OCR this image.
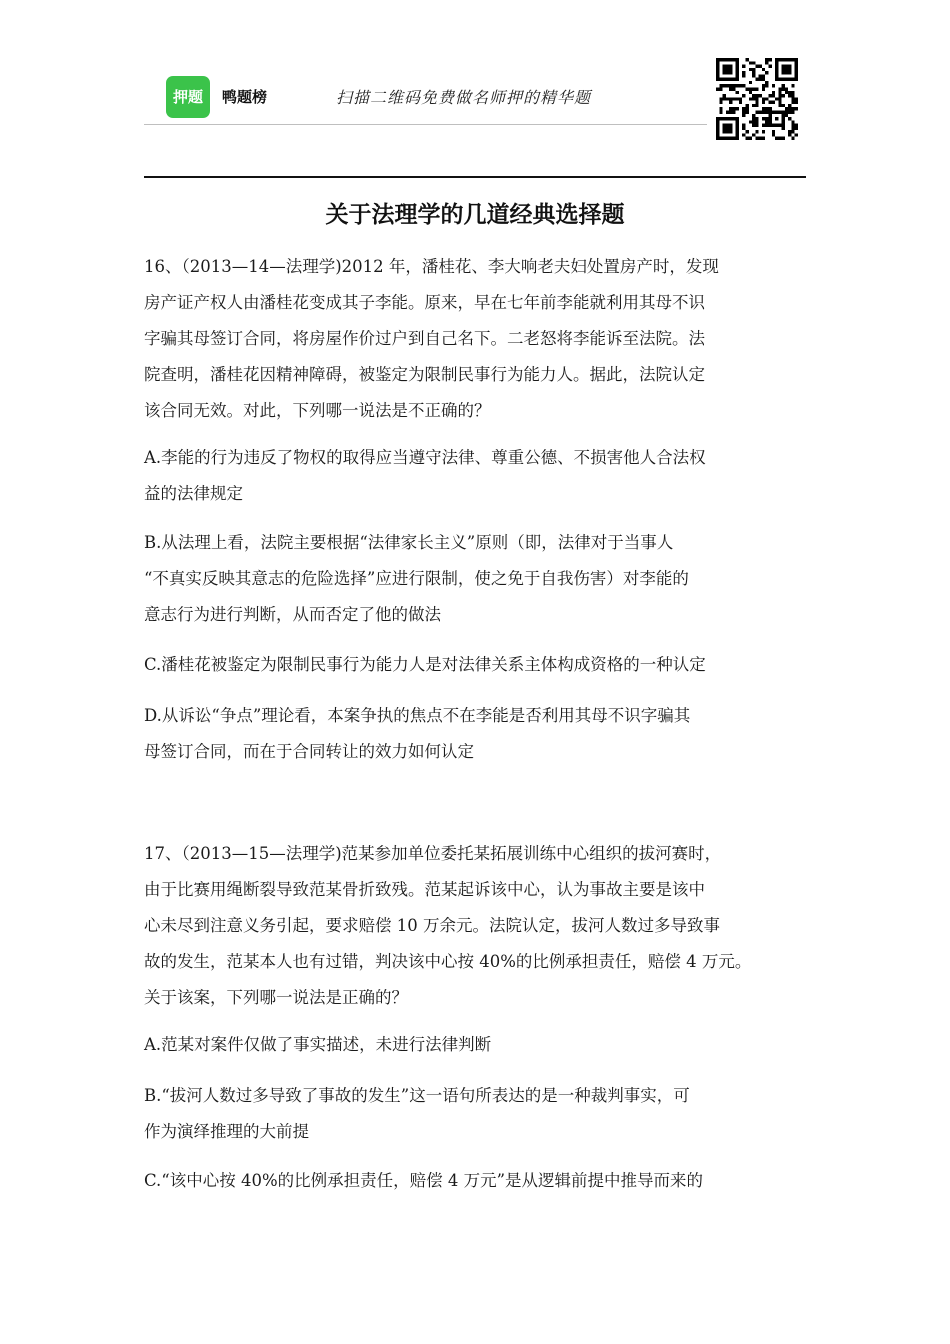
押题	鸭题榜	扫描二维码免费做名师押的精华题
关于法理学的几道经典选择题
16、（2013—14—法理学)2012 年，潘桂花、李大响老夫妇处置房产时，发现
房产证产权人由潘桂花变成其子李能。原来，早在七年前李能就利用其母不识
字骗其母签订合同，将房屋作价过户到自己名下。二老怒将李能诉至法院。法
院查明，潘桂花因精神障碍，被鉴定为限制民事行为能力人。据此，法院认定
该合同无效。对此，下列哪一说法是不正确的？
A.李能的行为违反了物权的取得应当遵守法律、尊重公德、不损害他人合法权
益的法律规定
B.从法理上看，法院主要根据“法律家长主义”原则（即，法律对于当事人
“不真实反映其意志的危险选择”应进行限制，使之免于自我伤害）对李能的
意志行为进行判断，从而否定了他的做法
C.潘桂花被鉴定为限制民事行为能力人是对法律关系主体构成资格的一种认定
D.从诉讼“争点”理论看，本案争执的焦点不在李能是否利用其母不识字骗其
母签订合同，而在于合同转让的效力如何认定
17、（2013—15—法理学)范某参加单位委托某拓展训练中心组织的拔河赛时，
由于比赛用绳断裂导致范某骨折致残。范某起诉该中心，认为事故主要是该中
心未尽到注意义务引起，要求赔偿 10 万余元。法院认定，拔河人数过多导致事
故的发生，范某本人也有过错，判决该中心按 40%的比例承担责任，赔偿 4 万元。
关于该案，下列哪一说法是正确的？
A.范某对案件仅做了事实描述，未进行法律判断
B.“拔河人数过多导致了事故的发生”这一语句所表达的是一种裁判事实，可
作为演绎推理的大前提
C.“该中心按 40%的比例承担责任，赔偿 4 万元”是从逻辑前提中推导而来的
